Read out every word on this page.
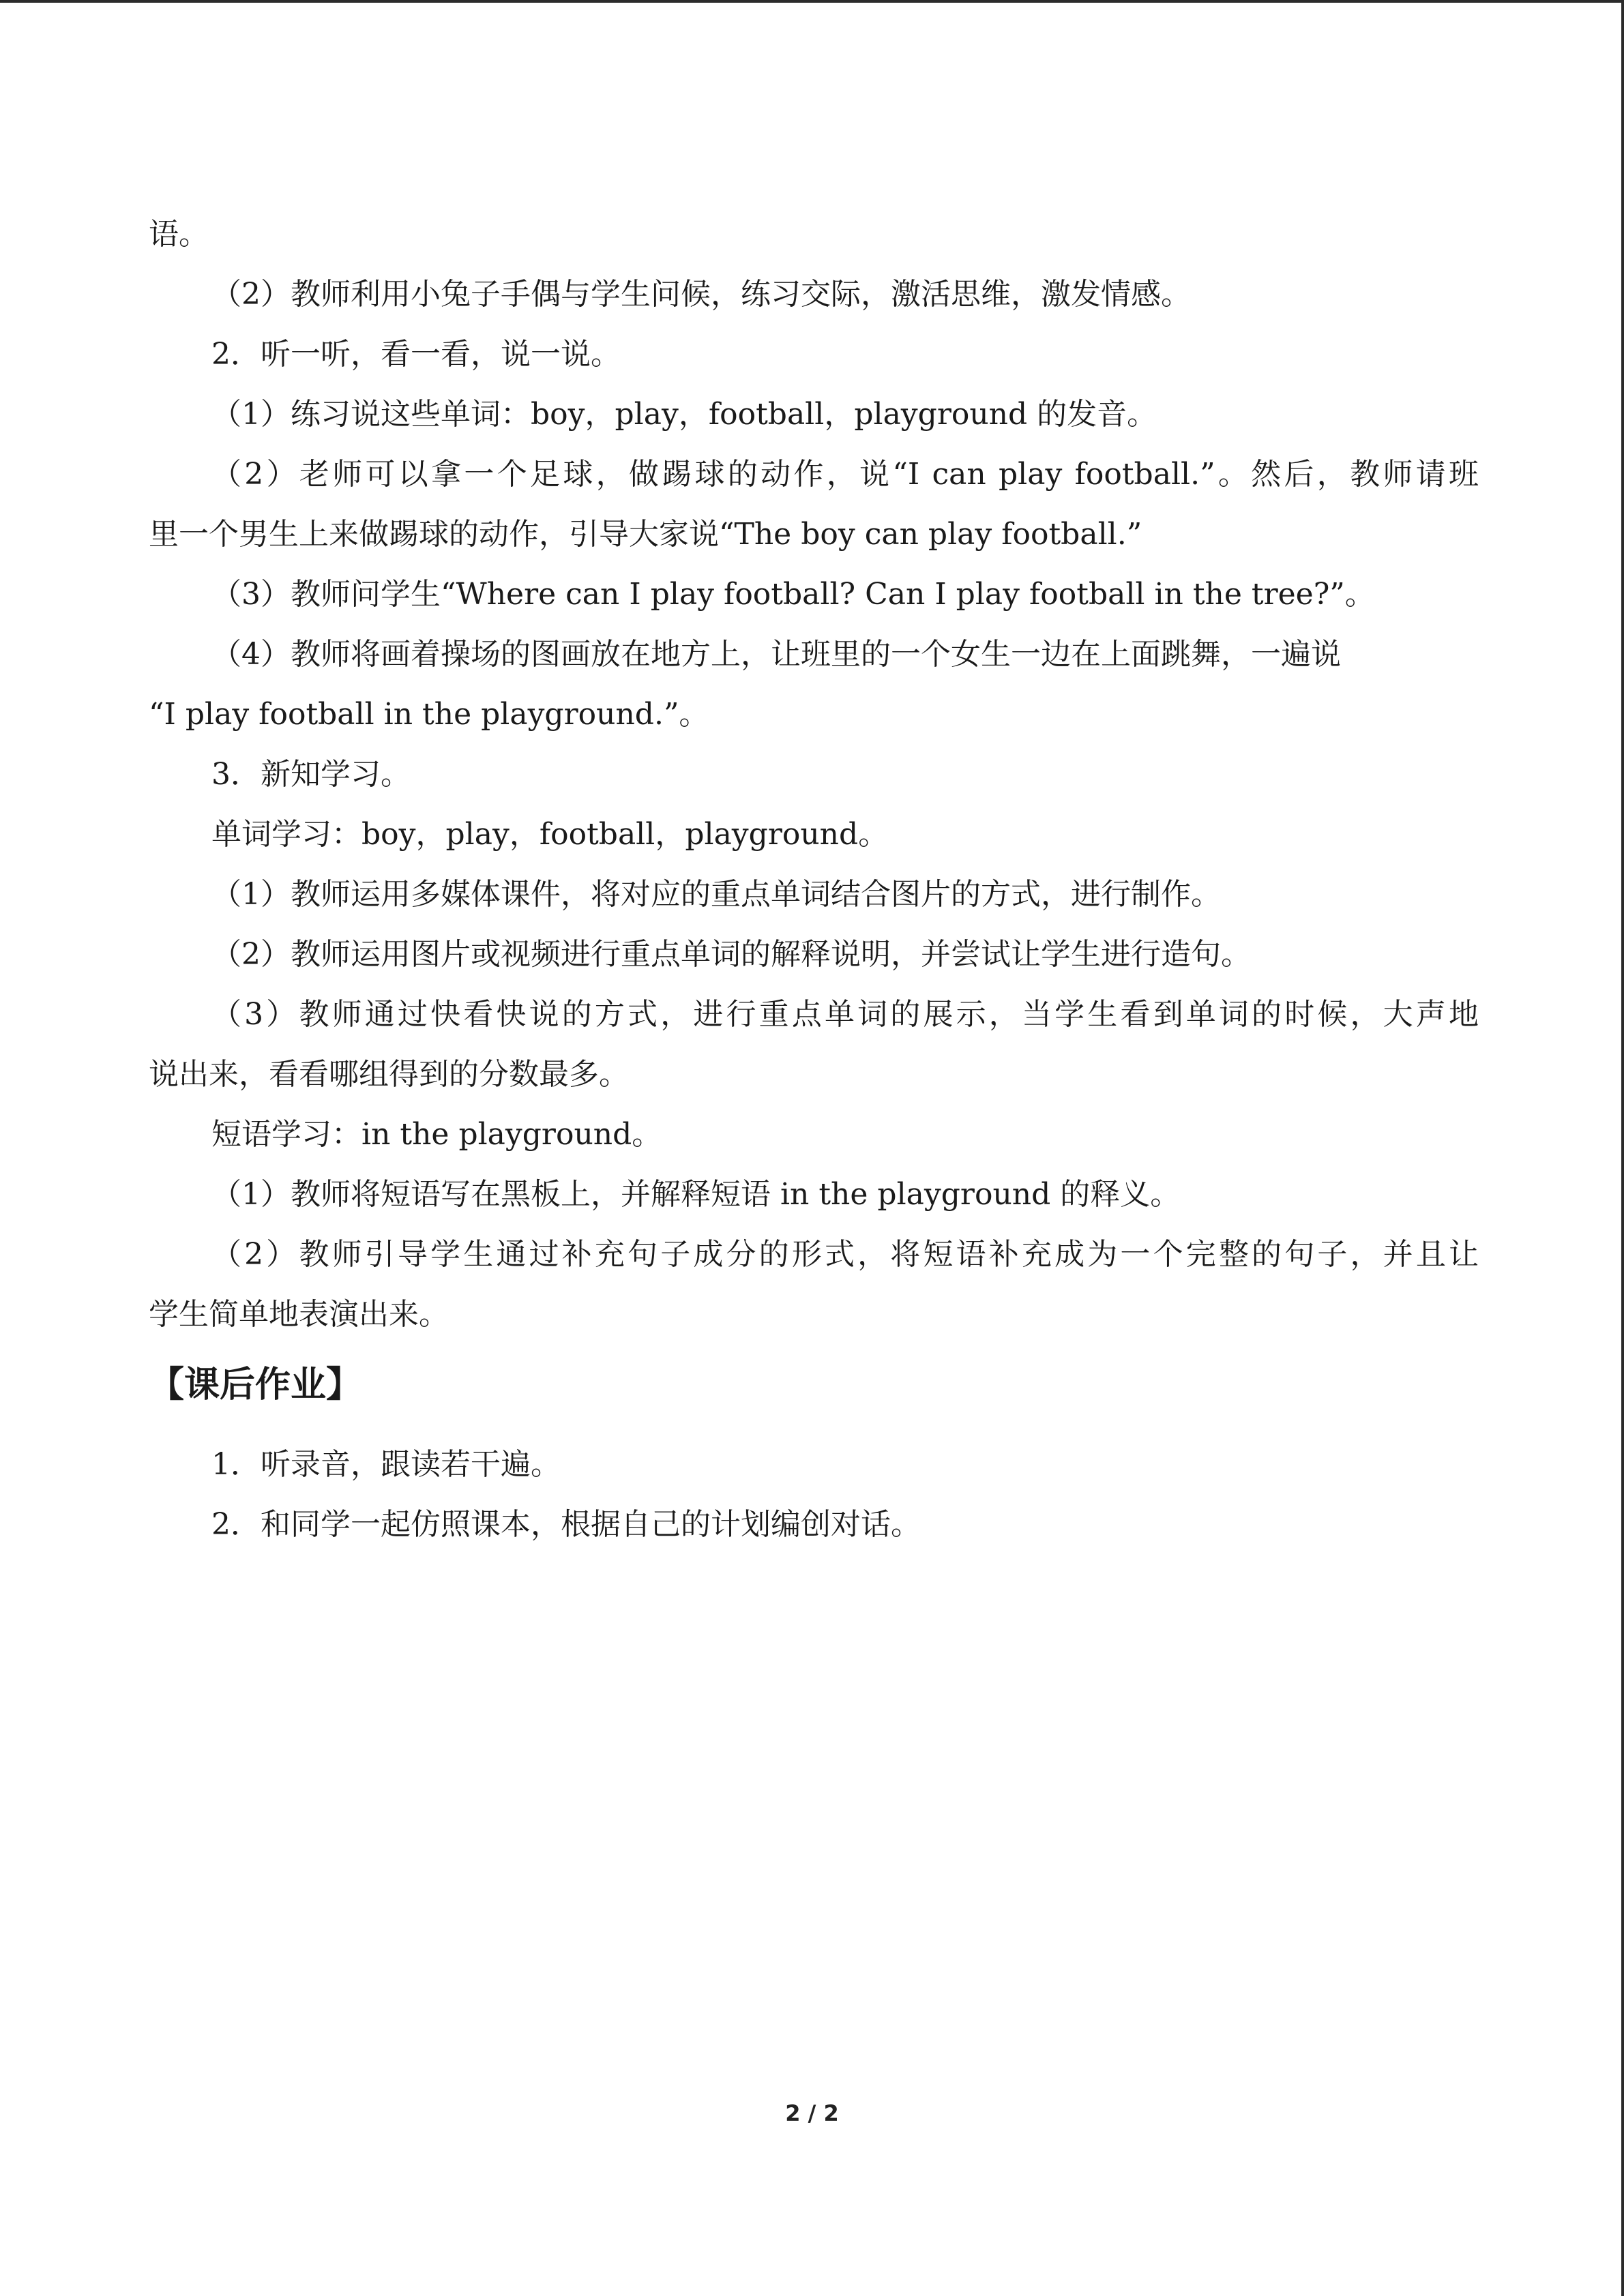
语。
（2）教师利用小兔子手偶与学生问候，练习交际，激活思维，激发情感。
2．听一听，看一看，说一说。
（1）练习说这些单词：boy，play，football，playground 的发音。
（2）老师可以拿一个足球，做踢球的动作，说“I can play football.”。然后，教师请班
里一个男生上来做踢球的动作，引导大家说“The boy can play football.”
（3）教师问学生“Where can I play football? Can I play football in the tree?”。
（4）教师将画着操场的图画放在地方上，让班里的一个女生一边在上面跳舞，一遍说
“I play football in the playground.”。
3．新知学习。
单词学习：boy，play，football，playground。
（1）教师运用多媒体课件，将对应的重点单词结合图片的方式，进行制作。
（2）教师运用图片或视频进行重点单词的解释说明，并尝试让学生进行造句。
（3）教师通过快看快说的方式，进行重点单词的展示，当学生看到单词的时候，大声地
说出来，看看哪组得到的分数最多。
短语学习：in the playground。
（1）教师将短语写在黑板上，并解释短语 in the playground 的释义。
（2）教师引导学生通过补充句子成分的形式，将短语补充成为一个完整的句子，并且让
学生简单地表演出来。
【课后作业】
1．听录音，跟读若干遍。
2．和同学一起仿照课本，根据自己的计划编创对话。
2 / 2
